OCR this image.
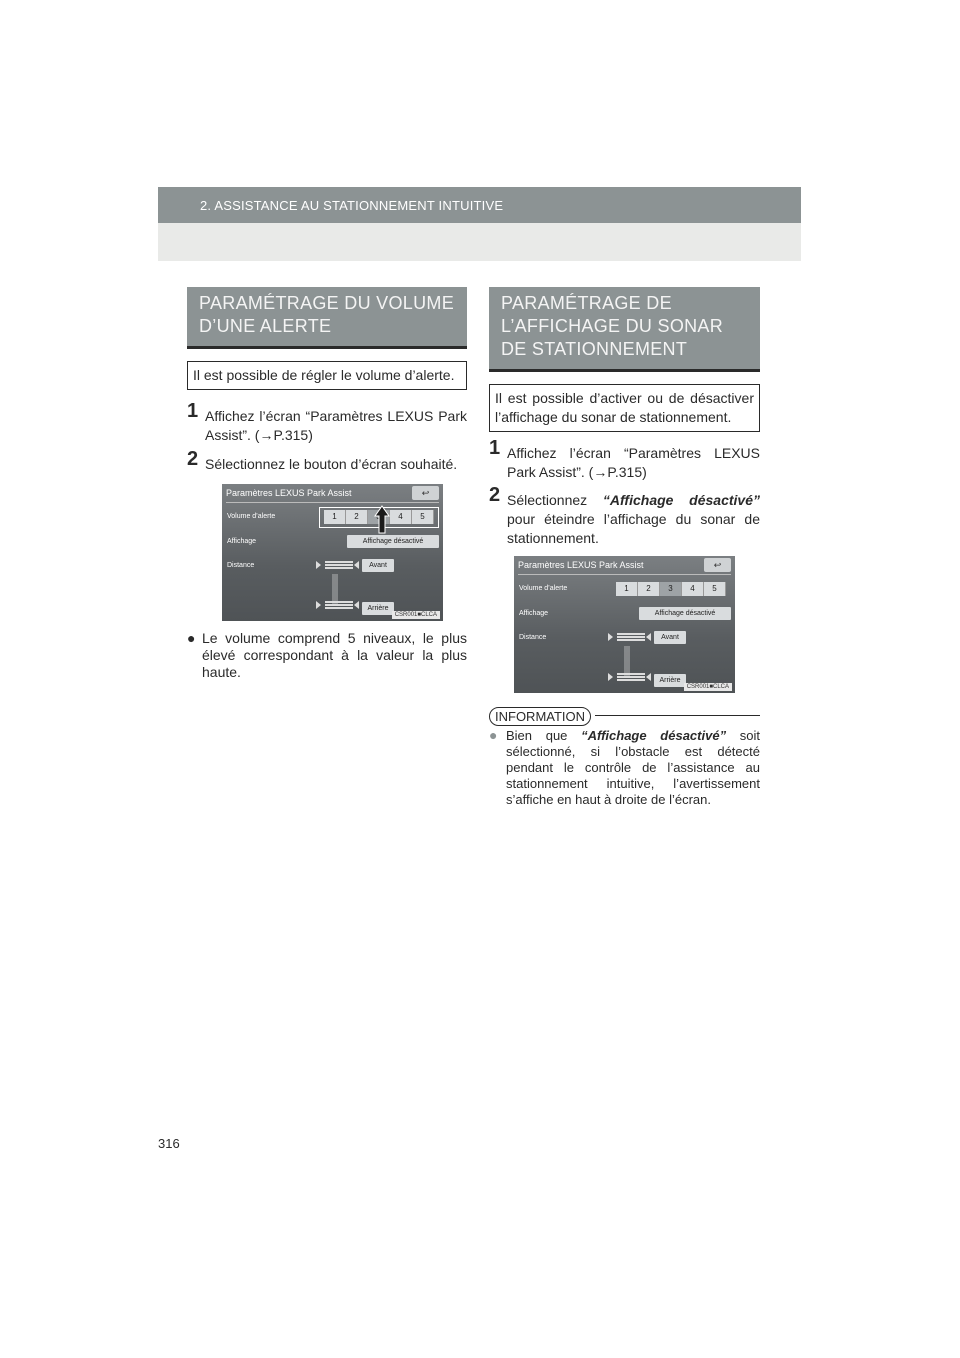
2. ASSISTANCE AU STATIONNEMENT INTUITIVE
PARAMÉTRAGE DU VOLUME D’UNE ALERTE
Il est possible de régler le volume d’alerte.
1 Affichez l’écran “Paramètres LEXUS Park Assist”. (→P.315)
2 Sélectionnez le bouton d’écran souhaité.
Paramètres LEXUS Park Assist	↩
Volume d’alerte	1	2	4	5
Affichage	Affichage désactivé
Distance	Avant
Arrière
CSR001■CLCA
● Le volume comprend 5 niveaux, le plus élevé correspondant à la valeur la plus haute.
PARAMÉTRAGE DE L’AFFICHAGE DU SONAR DE STATIONNEMENT
Il est possible d’activer ou de désactiver l’affichage du sonar de stationnement.
1 Affichez l’écran “Paramètres LEXUS Park Assist”. (→P.315)
2 Sélectionnez “Affichage désactivé” pour éteindre l’affichage du sonar de stationnement.
Paramètres LEXUS Park Assist	↩
Volume d’alerte	1	2	3	4	5
Affichage	Affichage désactivé
Distance	Avant
Arrière
CSR001■CLCA
INFORMATION
● Bien que “Affichage désactivé” soit sélectionné, si l’obstacle est détecté pendant le contrôle de l’assistance au stationnement intuitive, l’avertissement s’affiche en haut à droite de l’écran.
316
